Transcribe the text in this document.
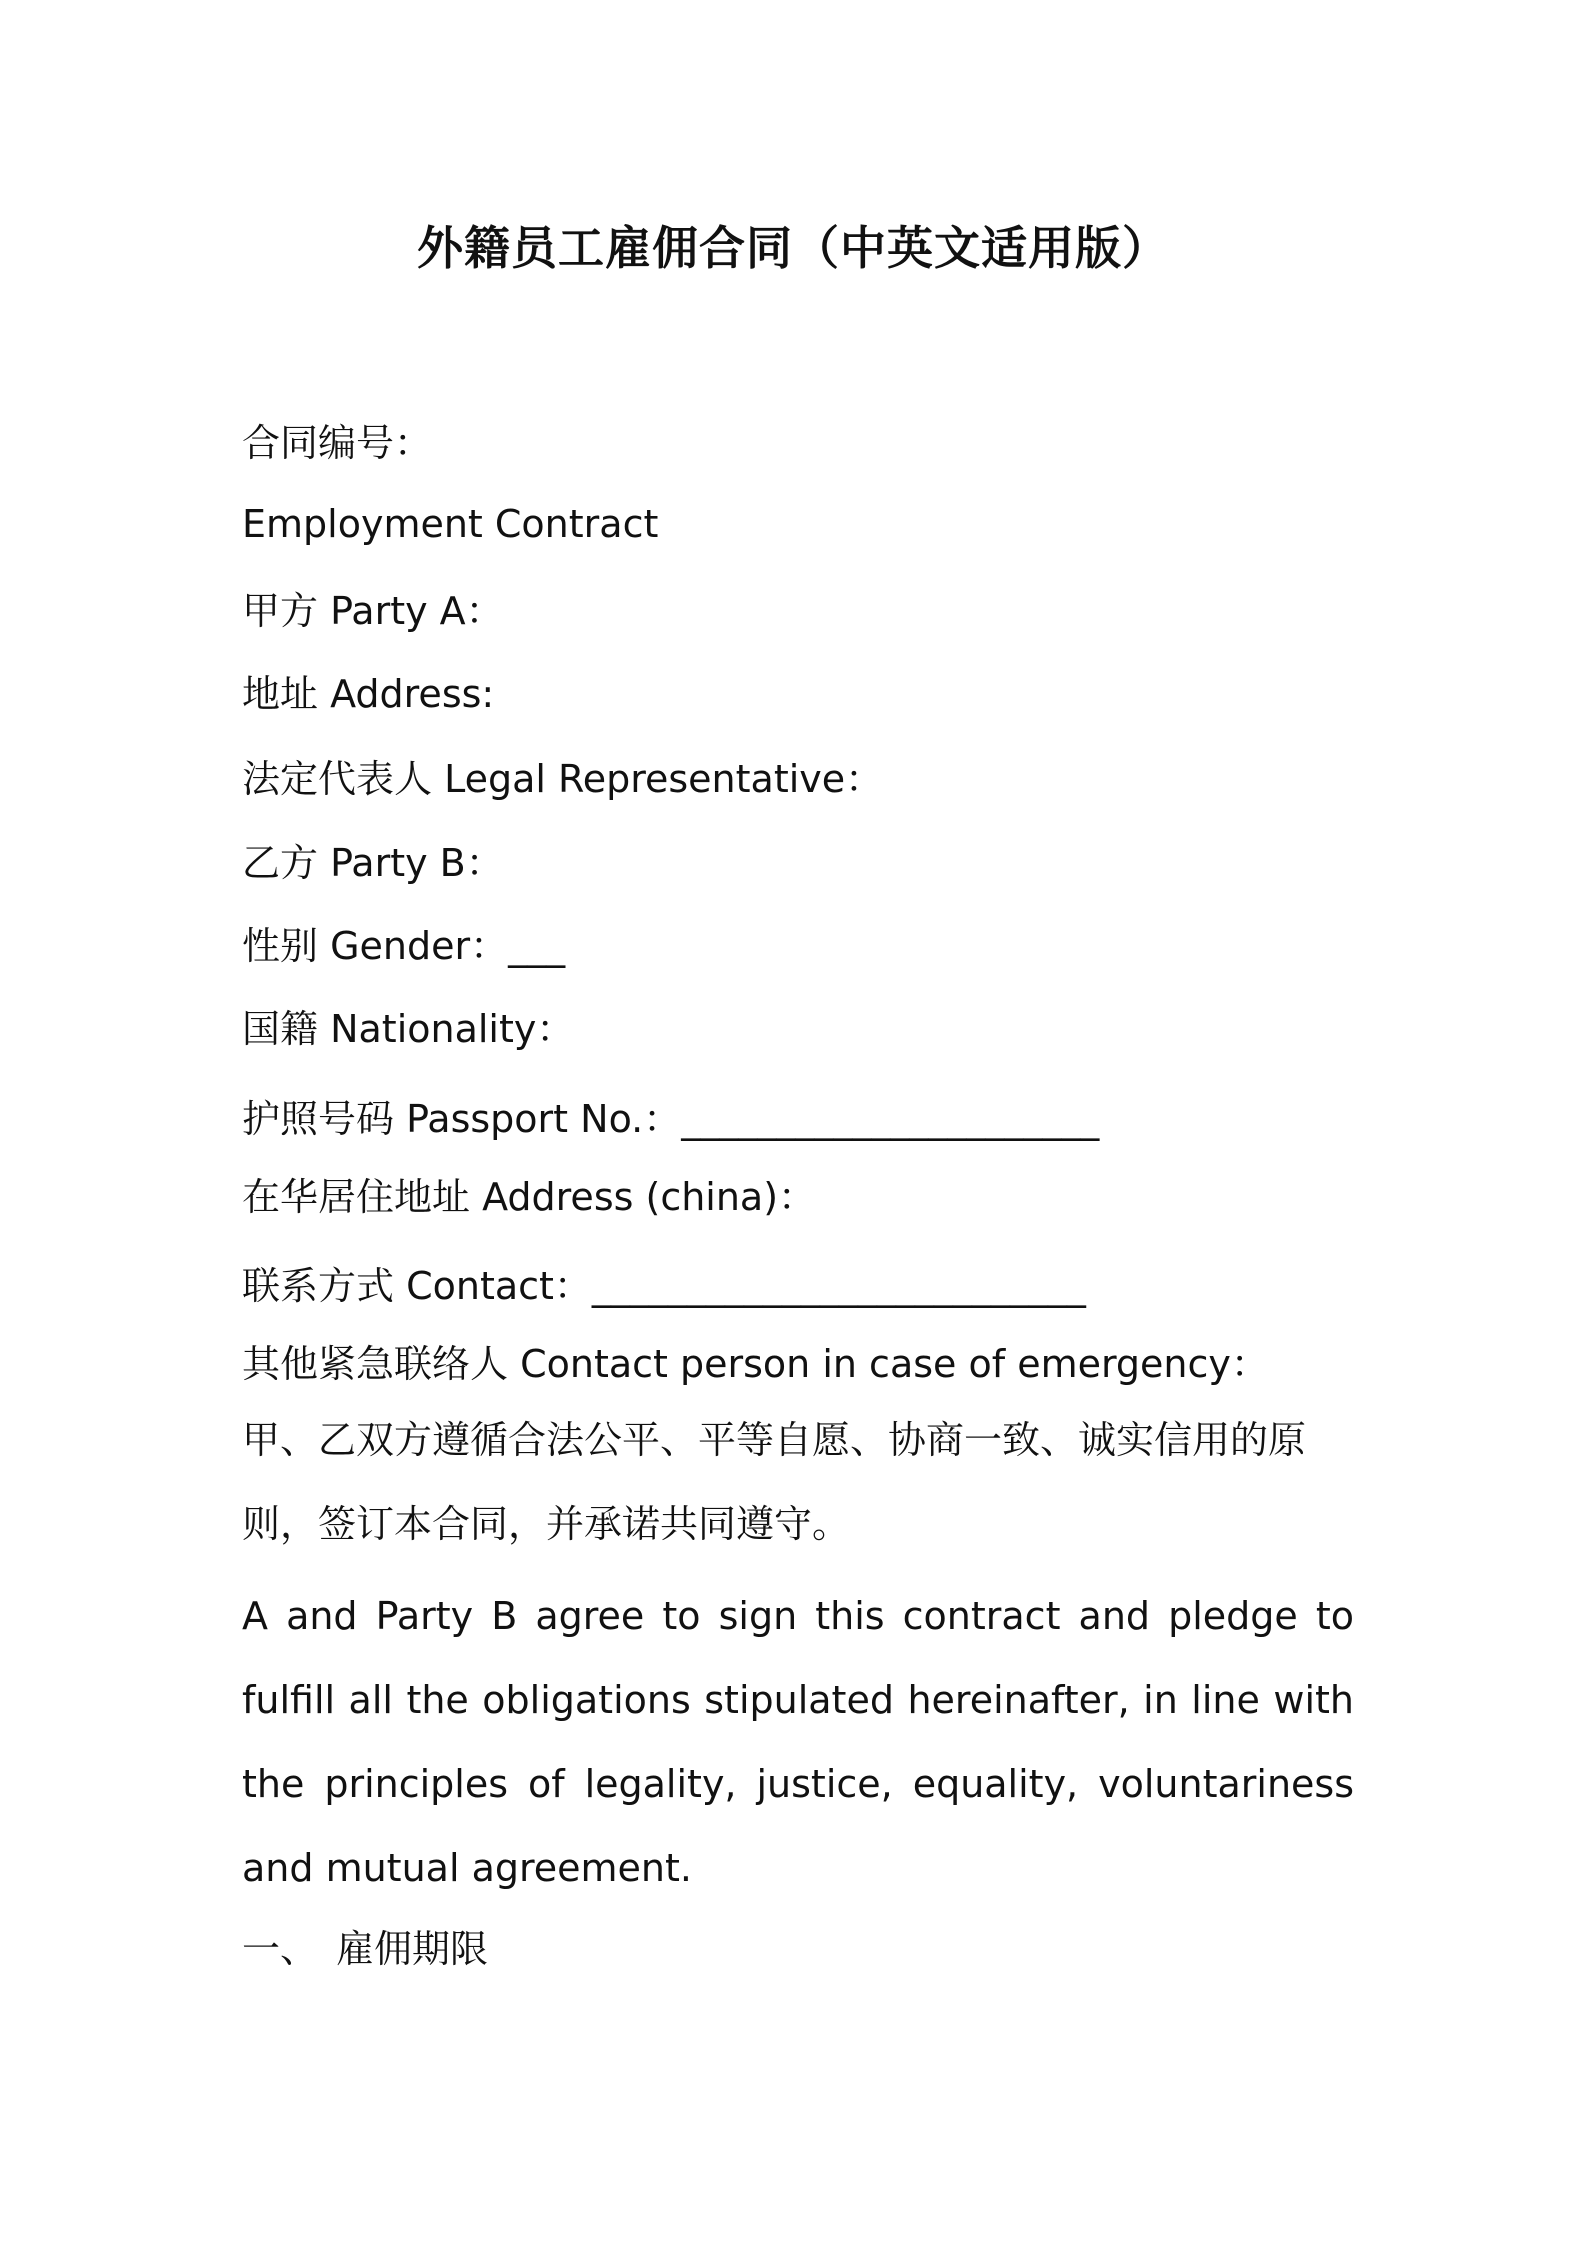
外籍员工雇佣合同（中英文适用版）
合同编号：
Employment Contract
甲方 Party A：
地址 Address:
法定代表人 Legal Representative：
乙方 Party B：
性别 Gender：___
国籍 Nationality：
护照号码 Passport No.：______________________
在华居住地址 Address (china)：
联系方式 Contact：__________________________
其他紧急联络人 Contact person in case of emergency：
甲、乙双方遵循合法公平、平等自愿、协商一致、诚实信用的原则，签订本合同，并承诺共同遵守。
A and Party B agree to sign this contract and pledge to fulfill all the obligations stipulated hereinafter, in line with the principles of legality, justice, equality, voluntariness and mutual agreement.
一、 雇佣期限
